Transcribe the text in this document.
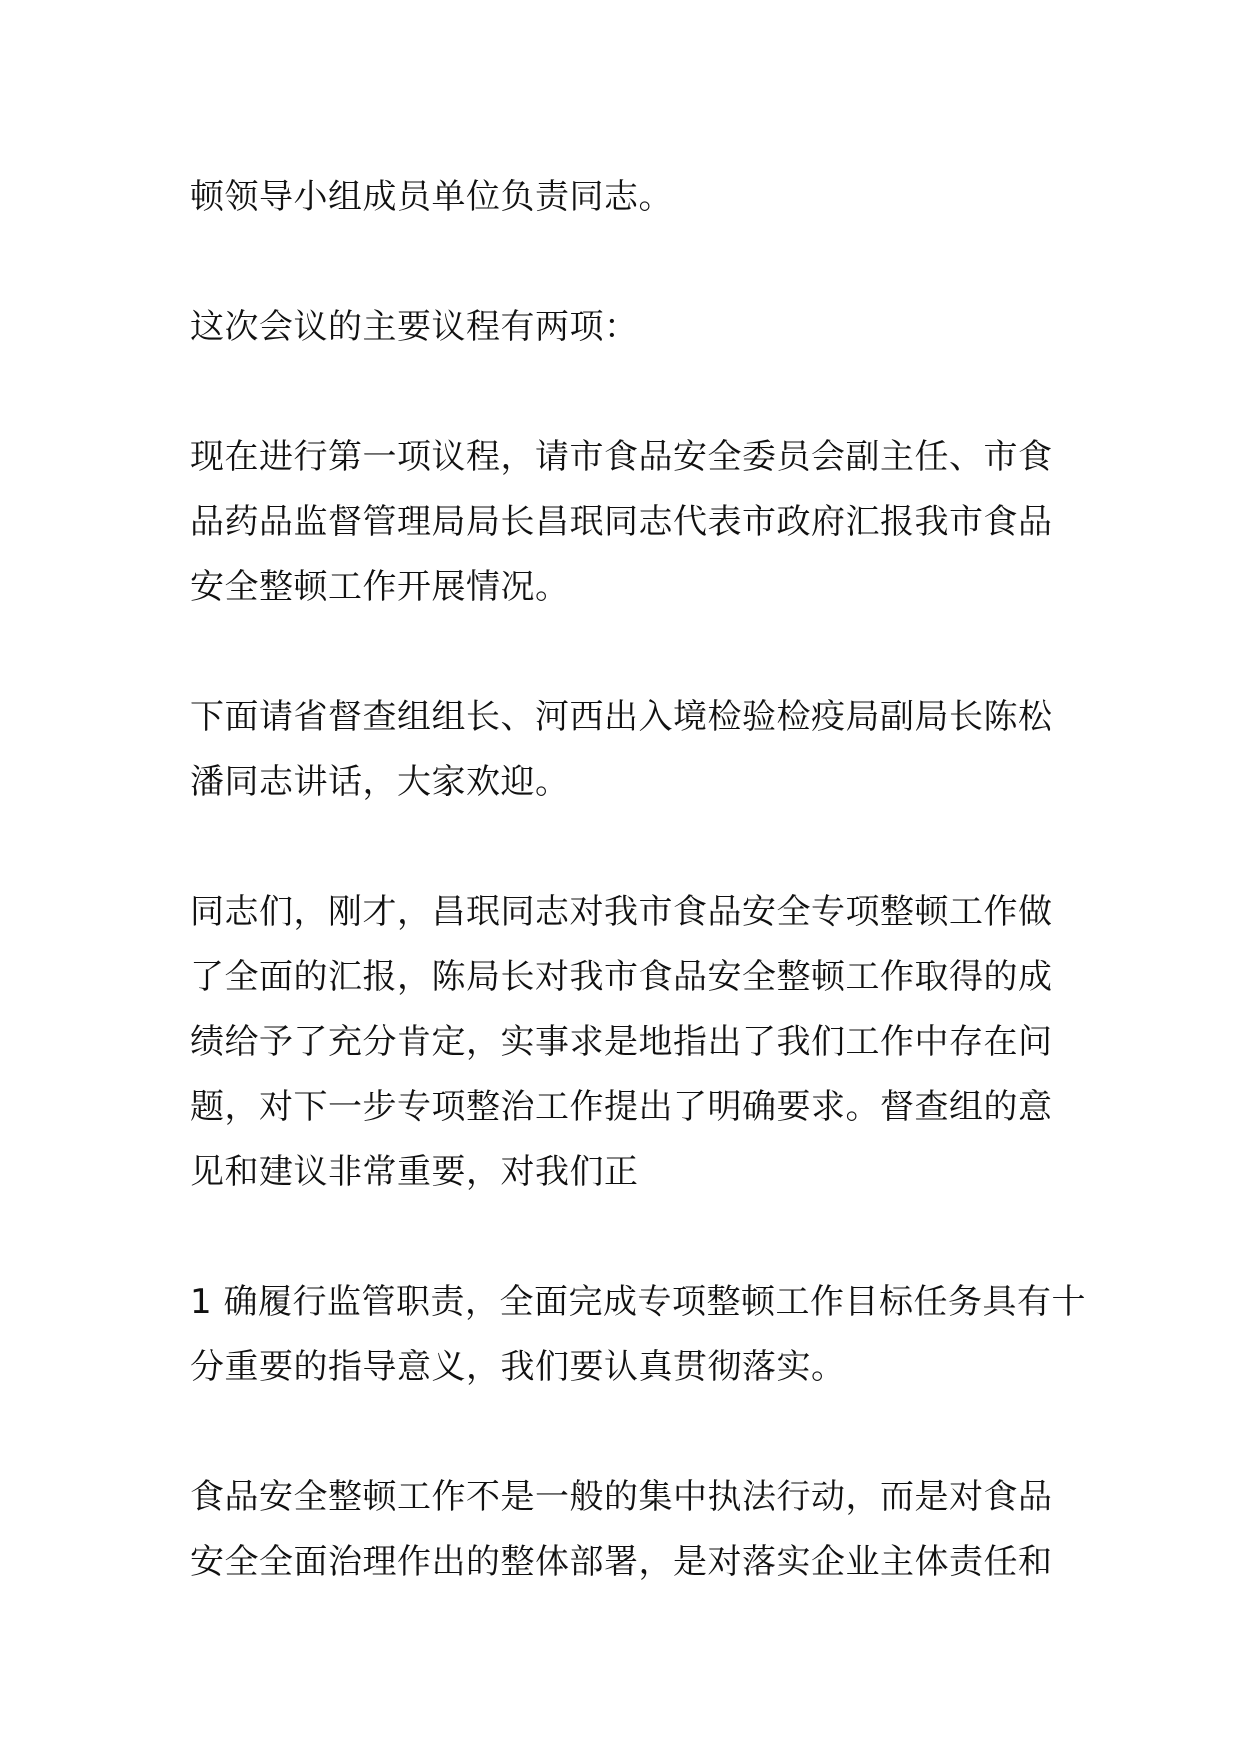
顿领导小组成员单位负责同志。

这次会议的主要议程有两项：

现在进行第一项议程，请市食品安全委员会副主任、市食
品药品监督管理局局长昌珉同志代表市政府汇报我市食品
安全整顿工作开展情况。

下面请省督查组组长、河西出入境检验检疫局副局长陈松
潘同志讲话，大家欢迎。

同志们，刚才，昌珉同志对我市食品安全专项整顿工作做
了全面的汇报，陈局长对我市食品安全整顿工作取得的成
绩给予了充分肯定，实事求是地指出了我们工作中存在问
题，对下一步专项整治工作提出了明确要求。督查组的意
见和建议非常重要，对我们正

1 确履行监管职责，全面完成专项整顿工作目标任务具有十
分重要的指导意义，我们要认真贯彻落实。

食品安全整顿工作不是一般的集中执法行动，而是对食品
安全全面治理作出的整体部署，是对落实企业主体责任和
